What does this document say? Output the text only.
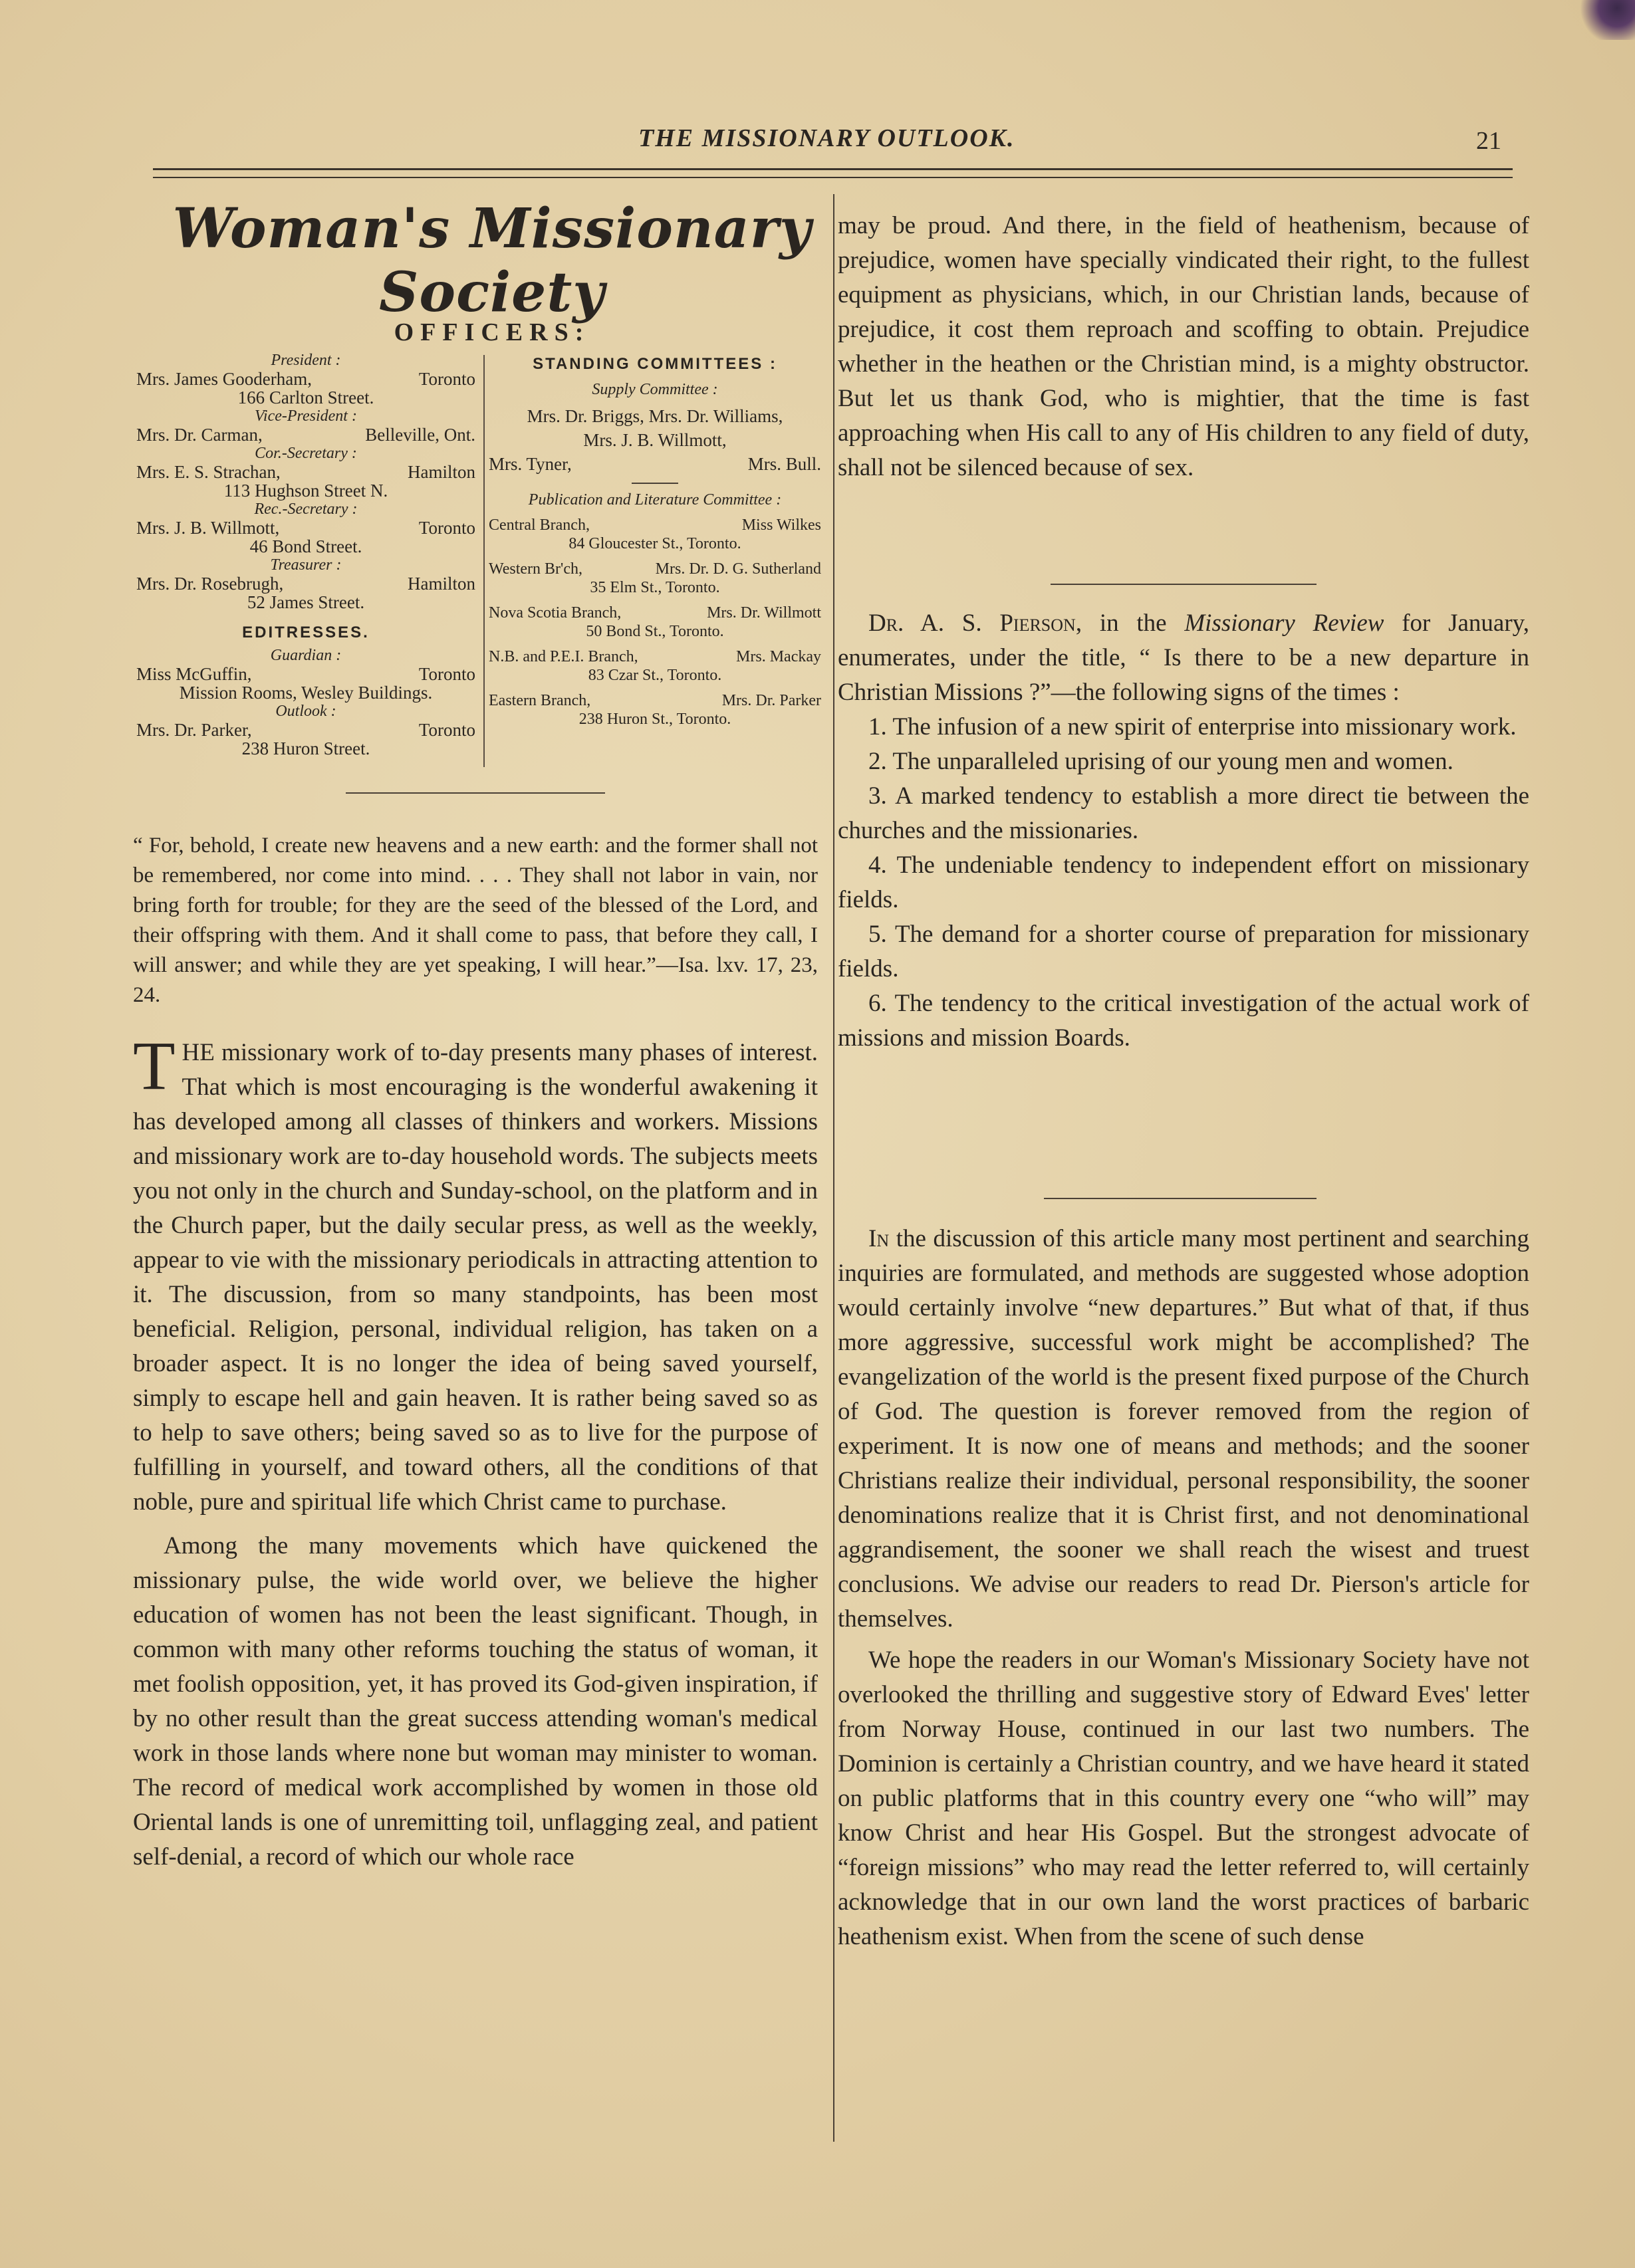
THE MISSIONARY OUTLOOK.	21
Woman's Missionary Society
OFFICERS:
President :
Mrs. James Gooderham,	Toronto
166 Carlton Street.
Vice-President :
Mrs. Dr. Carman,	Belleville, Ont.
Cor.-Secretary :
Mrs. E. S. Strachan,	Hamilton
113 Hughson Street N.
Rec.-Secretary :
Mrs. J. B. Willmott,	Toronto
46 Bond Street.
Treasurer :
Mrs. Dr. Rosebrugh,	Hamilton
52 James Street.
EDITRESSES.
Guardian :
Miss McGuffin,	Toronto
Mission Rooms, Wesley Buildings.
Outlook :
Mrs. Dr. Parker,	Toronto
238 Huron Street.
STANDING COMMITTEES :
Supply Committee :
Mrs. Dr. Briggs, Mrs. Dr. Williams,
Mrs. J. B. Willmott,
Mrs. Tyner,	Mrs. Bull.
Publication and Literature Committee :
Central Branch,	Miss Wilkes
84 Gloucester St., Toronto.
Western Br'ch,	Mrs. Dr. D. G. Sutherland
35 Elm St., Toronto.
Nova Scotia Branch,	Mrs. Dr. Willmott
50 Bond St., Toronto.
N.B. and P.E.I. Branch,	Mrs. Mackay
83 Czar St., Toronto.
Eastern Branch,	Mrs. Dr. Parker
238 Huron St., Toronto.
“ For, behold, I create new heavens and a new earth: and the former shall not be remembered, nor come into mind. . . . They shall not labor in vain, nor bring forth for trouble; for they are the seed of the blessed of the Lord, and their offspring with them. And it shall come to pass, that before they call, I will answer; and while they are yet speaking, I will hear.”—Isa. lxv. 17, 23, 24.

THE missionary work of to-day presents many phases of interest. That which is most encouraging is the wonderful awakening it has developed among all classes of thinkers and workers. Missions and missionary work are to-day household words. The subjects meets you not only in the church and Sunday-school, on the platform and in the Church paper, but the daily secular press, as well as the weekly, appear to vie with the missionary periodicals in attracting attention to it. The discussion, from so many standpoints, has been most beneficial. Religion, personal, individual religion, has taken on a broader aspect. It is no longer the idea of being saved yourself, simply to escape hell and gain heaven. It is rather being saved so as to help to save others; being saved so as to live for the purpose of fulfilling in yourself, and toward others, all the conditions of that noble, pure and spiritual life which Christ came to purchase.

Among the many movements which have quickened the missionary pulse, the wide world over, we believe the higher education of women has not been the least significant. Though, in common with many other reforms touching the status of woman, it met foolish opposition, yet, it has proved its God-given inspiration, if by no other result than the great success attending woman's medical work in those lands where none but woman may minister to woman. The record of medical work accomplished by women in those old Oriental lands is one of unremitting toil, unflagging zeal, and patient self-denial, a record of which our whole race

may be proud. And there, in the field of heathenism, because of prejudice, women have specially vindicated their right, to the fullest equipment as physicians, which, in our Christian lands, because of prejudice, it cost them reproach and scoffing to obtain. Prejudice whether in the heathen or the Christian mind, is a mighty obstructor. But let us thank God, who is mightier, that the time is fast approaching when His call to any of His children to any field of duty, shall not be silenced because of sex.

Dr. A. S. Pierson, in the Missionary Review for January, enumerates, under the title, “ Is there to be a new departure in Christian Missions ?”—the following signs of the times :

1. The infusion of a new spirit of enterprise into missionary work.

2. The unparalleled uprising of our young men and women.

3. A marked tendency to establish a more direct tie between the churches and the missionaries.

4. The undeniable tendency to independent effort on missionary fields.

5. The demand for a shorter course of preparation for missionary fields.

6. The tendency to the critical investigation of the actual work of missions and mission Boards.

In the discussion of this article many most pertinent and searching inquiries are formulated, and methods are suggested whose adoption would certainly involve “new departures.” But what of that, if thus more aggressive, successful work might be accomplished? The evangelization of the world is the present fixed purpose of the Church of God. The question is forever removed from the region of experiment. It is now one of means and methods; and the sooner Christians realize their individual, personal responsibility, the sooner denominations realize that it is Christ first, and not denominational aggrandisement, the sooner we shall reach the wisest and truest conclusions. We advise our readers to read Dr. Pierson's article for themselves.

We hope the readers in our Woman's Missionary Society have not overlooked the thrilling and suggestive story of Edward Eves' letter from Norway House, continued in our last two numbers. The Dominion is certainly a Christian country, and we have heard it stated on public platforms that in this country every one “who will” may know Christ and hear His Gospel. But the strongest advocate of “foreign missions” who may read the letter referred to, will certainly acknowledge that in our own land the worst practices of barbaric heathenism exist. When from the scene of such dense
